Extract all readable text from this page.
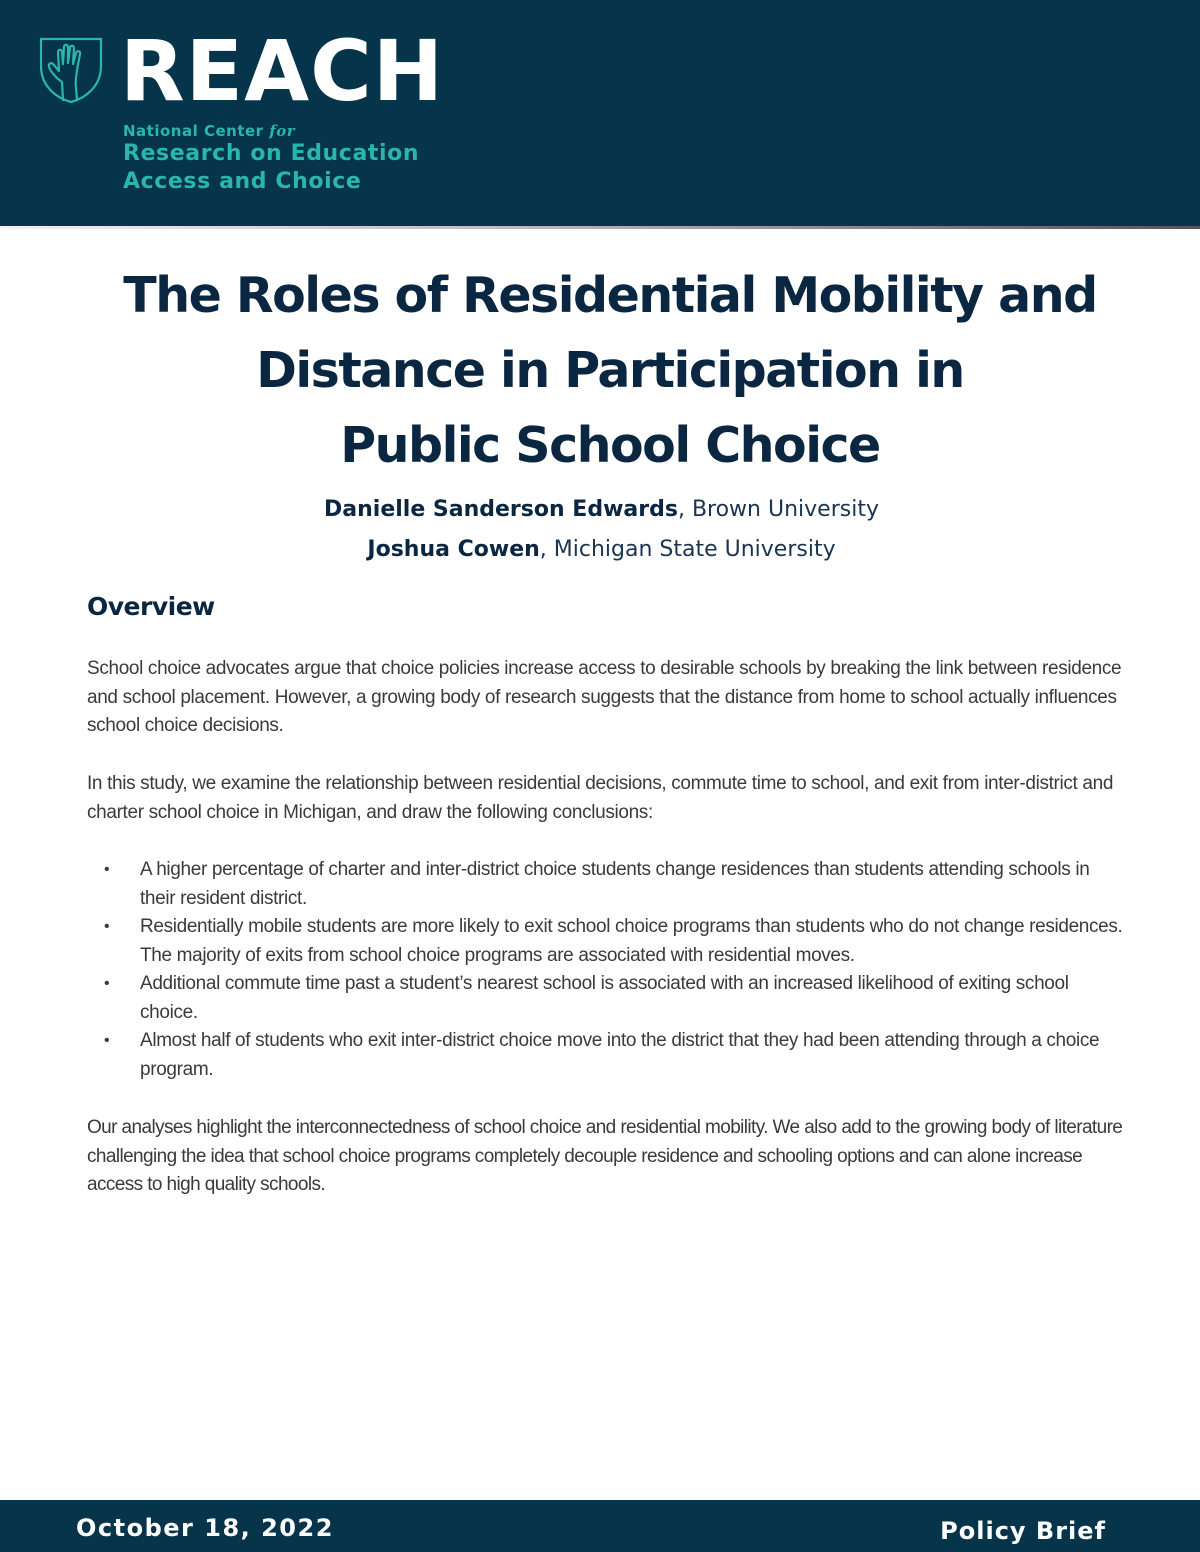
REACH
National Center for
Research on Education
Access and Choice
The Roles of Residential Mobility and
Distance in Participation in
Public School Choice
Danielle Sanderson Edwards, Brown University
Joshua Cowen, Michigan State University
Overview

School choice advocates argue that choice policies increase access to desirable schools by breaking the link between residence and school placement. However, a growing body of research suggests that the distance from home to school actually influences school choice decisions.

In this study, we examine the relationship between residential decisions, commute time to school, and exit from inter-district and charter school choice in Michigan, and draw the following conclusions:

• A higher percentage of charter and inter-district choice students change residences than students attending schools in their resident district.
• Residentially mobile students are more likely to exit school choice programs than students who do not change residences. The majority of exits from school choice programs are associated with residential moves.
• Additional commute time past a student’s nearest school is associated with an increased likelihood of exiting school choice.
• Almost half of students who exit inter-district choice move into the district that they had been attending through a choice program.

Our analyses highlight the interconnectedness of school choice and residential mobility. We also add to the growing body of literature challenging the idea that school choice programs completely decouple residence and schooling options and can alone increase access to high quality schools.

October 18, 2022	Policy Brief
